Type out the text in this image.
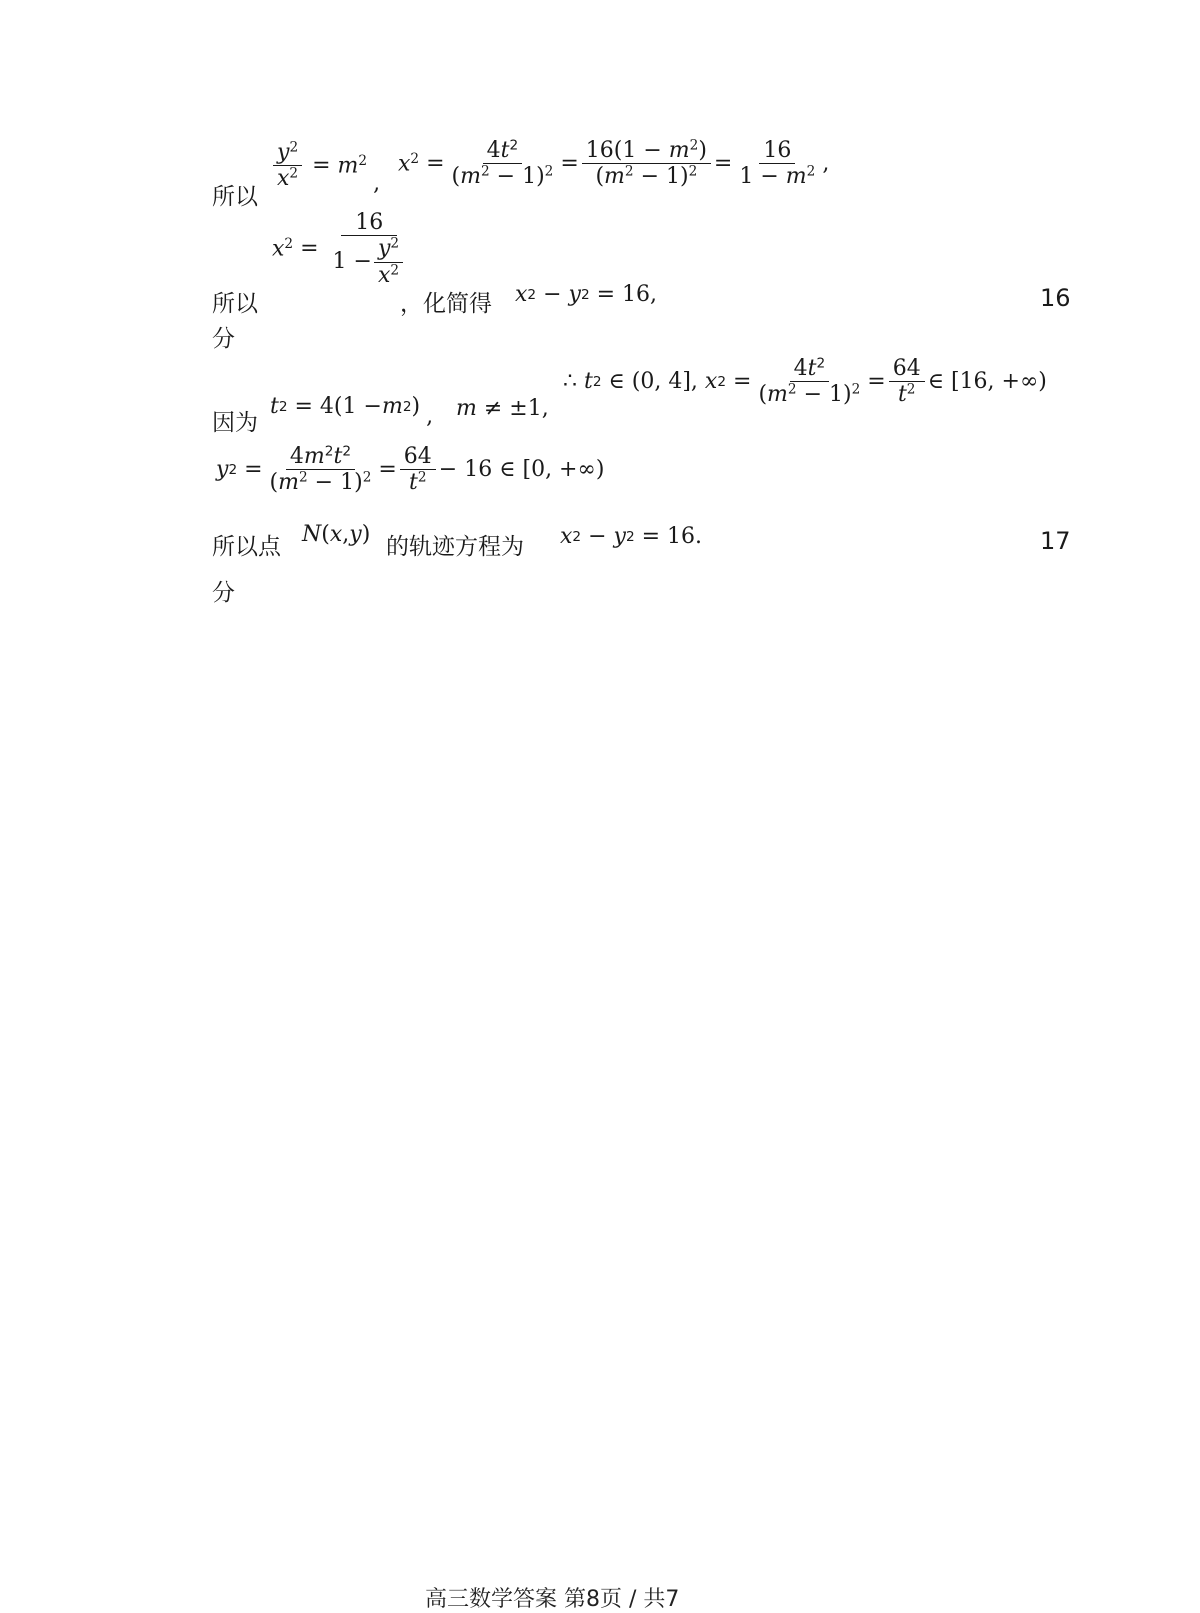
所以
$\frac{y^2}{x^2} = m^2$
,
$x^2 = \frac{4t^2}{(m^2 - 1)^2} = \frac{16(1 - m^2)}{(m^2 - 1)^2} = \frac{16}{1 - m^2}$ ,
$x^2 = \frac{16}{1 - \frac{y^2}{x^2}}$
所以	，化简得 x 2 − y 2 = 16,	16
分
因为
t 2 = 4(1 − m 2 ) , m ≠ ±1,
∴ t 2 ∈ (0, 4], x $2 = \frac{4t^2}{(m^2 - 1)^2} = \frac{64}{t^2}$ ∈ [16, +∞)
y $2 = \frac{4m^2t^2}{(m^2 - 1)^2} = \frac{64}{t^2} - 16$ ∈ [0, +∞)
所以点 N ( x , y ) 的轨迹方程为 x 2 − y 2 = 16.	17
分
高三数学答案 第8页 / 共7
